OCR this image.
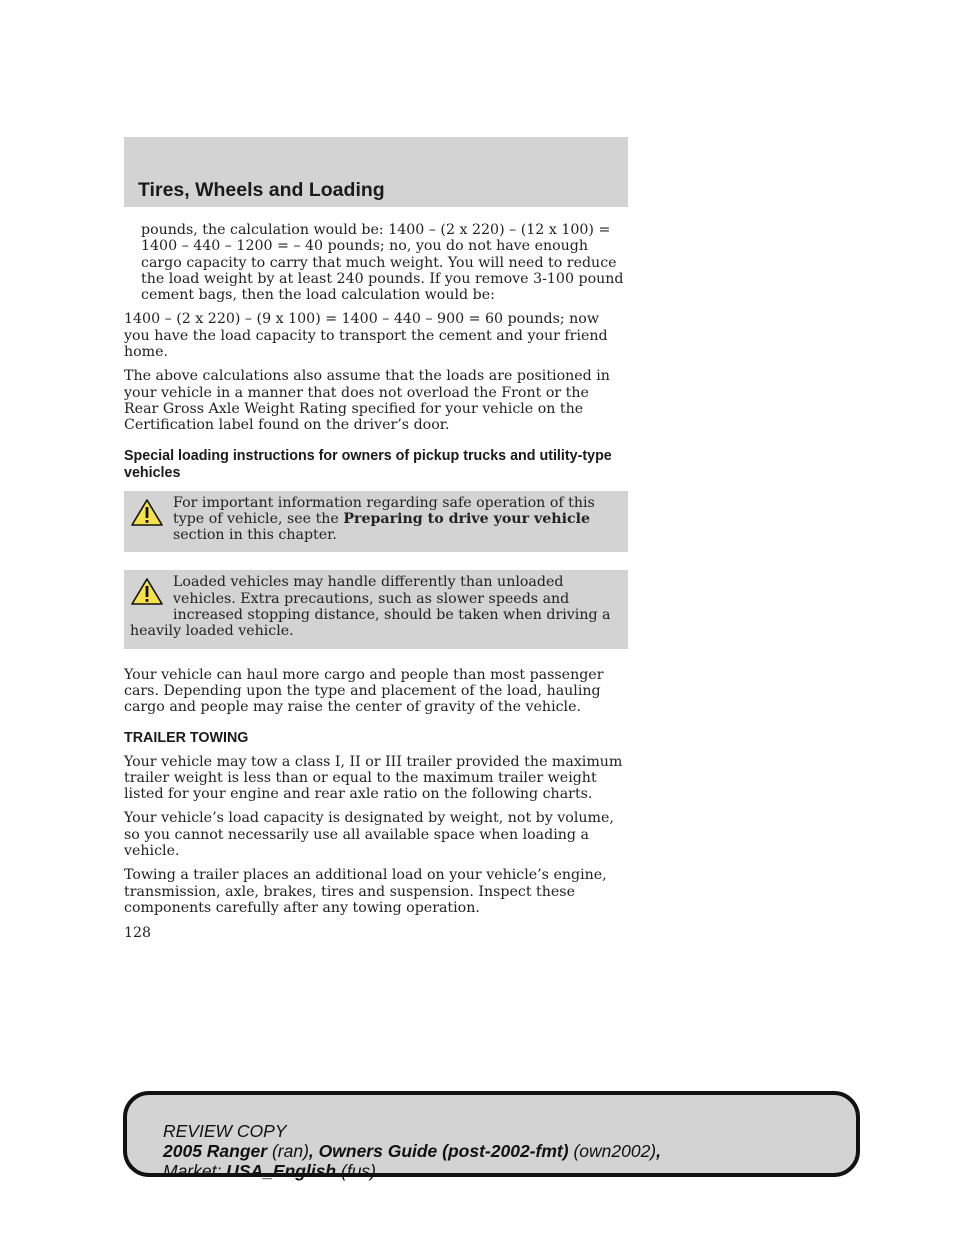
Tires, Wheels and Loading

pounds, the calculation would be: 1400 – (2 x 220) – (12 x 100) = 1400 – 440 – 1200 = – 40 pounds; no, you do not have enough cargo capacity to carry that much weight. You will need to reduce the load weight by at least 240 pounds. If you remove 3-100 pound cement bags, then the load calculation would be:

1400 – (2 x 220) – (9 x 100) = 1400 – 440 – 900 = 60 pounds; now you have the load capacity to transport the cement and your friend home.

The above calculations also assume that the loads are positioned in your vehicle in a manner that does not overload the Front or the Rear Gross Axle Weight Rating specified for your vehicle on the Certification label found on the driver’s door.

Special loading instructions for owners of pickup trucks and utility-type vehicles

For important information regarding safe operation of this type of vehicle, see the Preparing to drive your vehicle section in this chapter.

Loaded vehicles may handle differently than unloaded vehicles. Extra precautions, such as slower speeds and increased stopping distance, should be taken when driving a heavily loaded vehicle.

Your vehicle can haul more cargo and people than most passenger cars. Depending upon the type and placement of the load, hauling cargo and people may raise the center of gravity of the vehicle.

TRAILER TOWING

Your vehicle may tow a class I, II or III trailer provided the maximum trailer weight is less than or equal to the maximum trailer weight listed for your engine and rear axle ratio on the following charts.

Your vehicle’s load capacity is designated by weight, not by volume, so you cannot necessarily use all available space when loading a vehicle.

Towing a trailer places an additional load on your vehicle’s engine, transmission, axle, brakes, tires and suspension. Inspect these components carefully after any towing operation.

128
REVIEW COPY
2005 Ranger (ran), Owners Guide (post-2002-fmt) (own2002),
Market: USA_English (fus)
